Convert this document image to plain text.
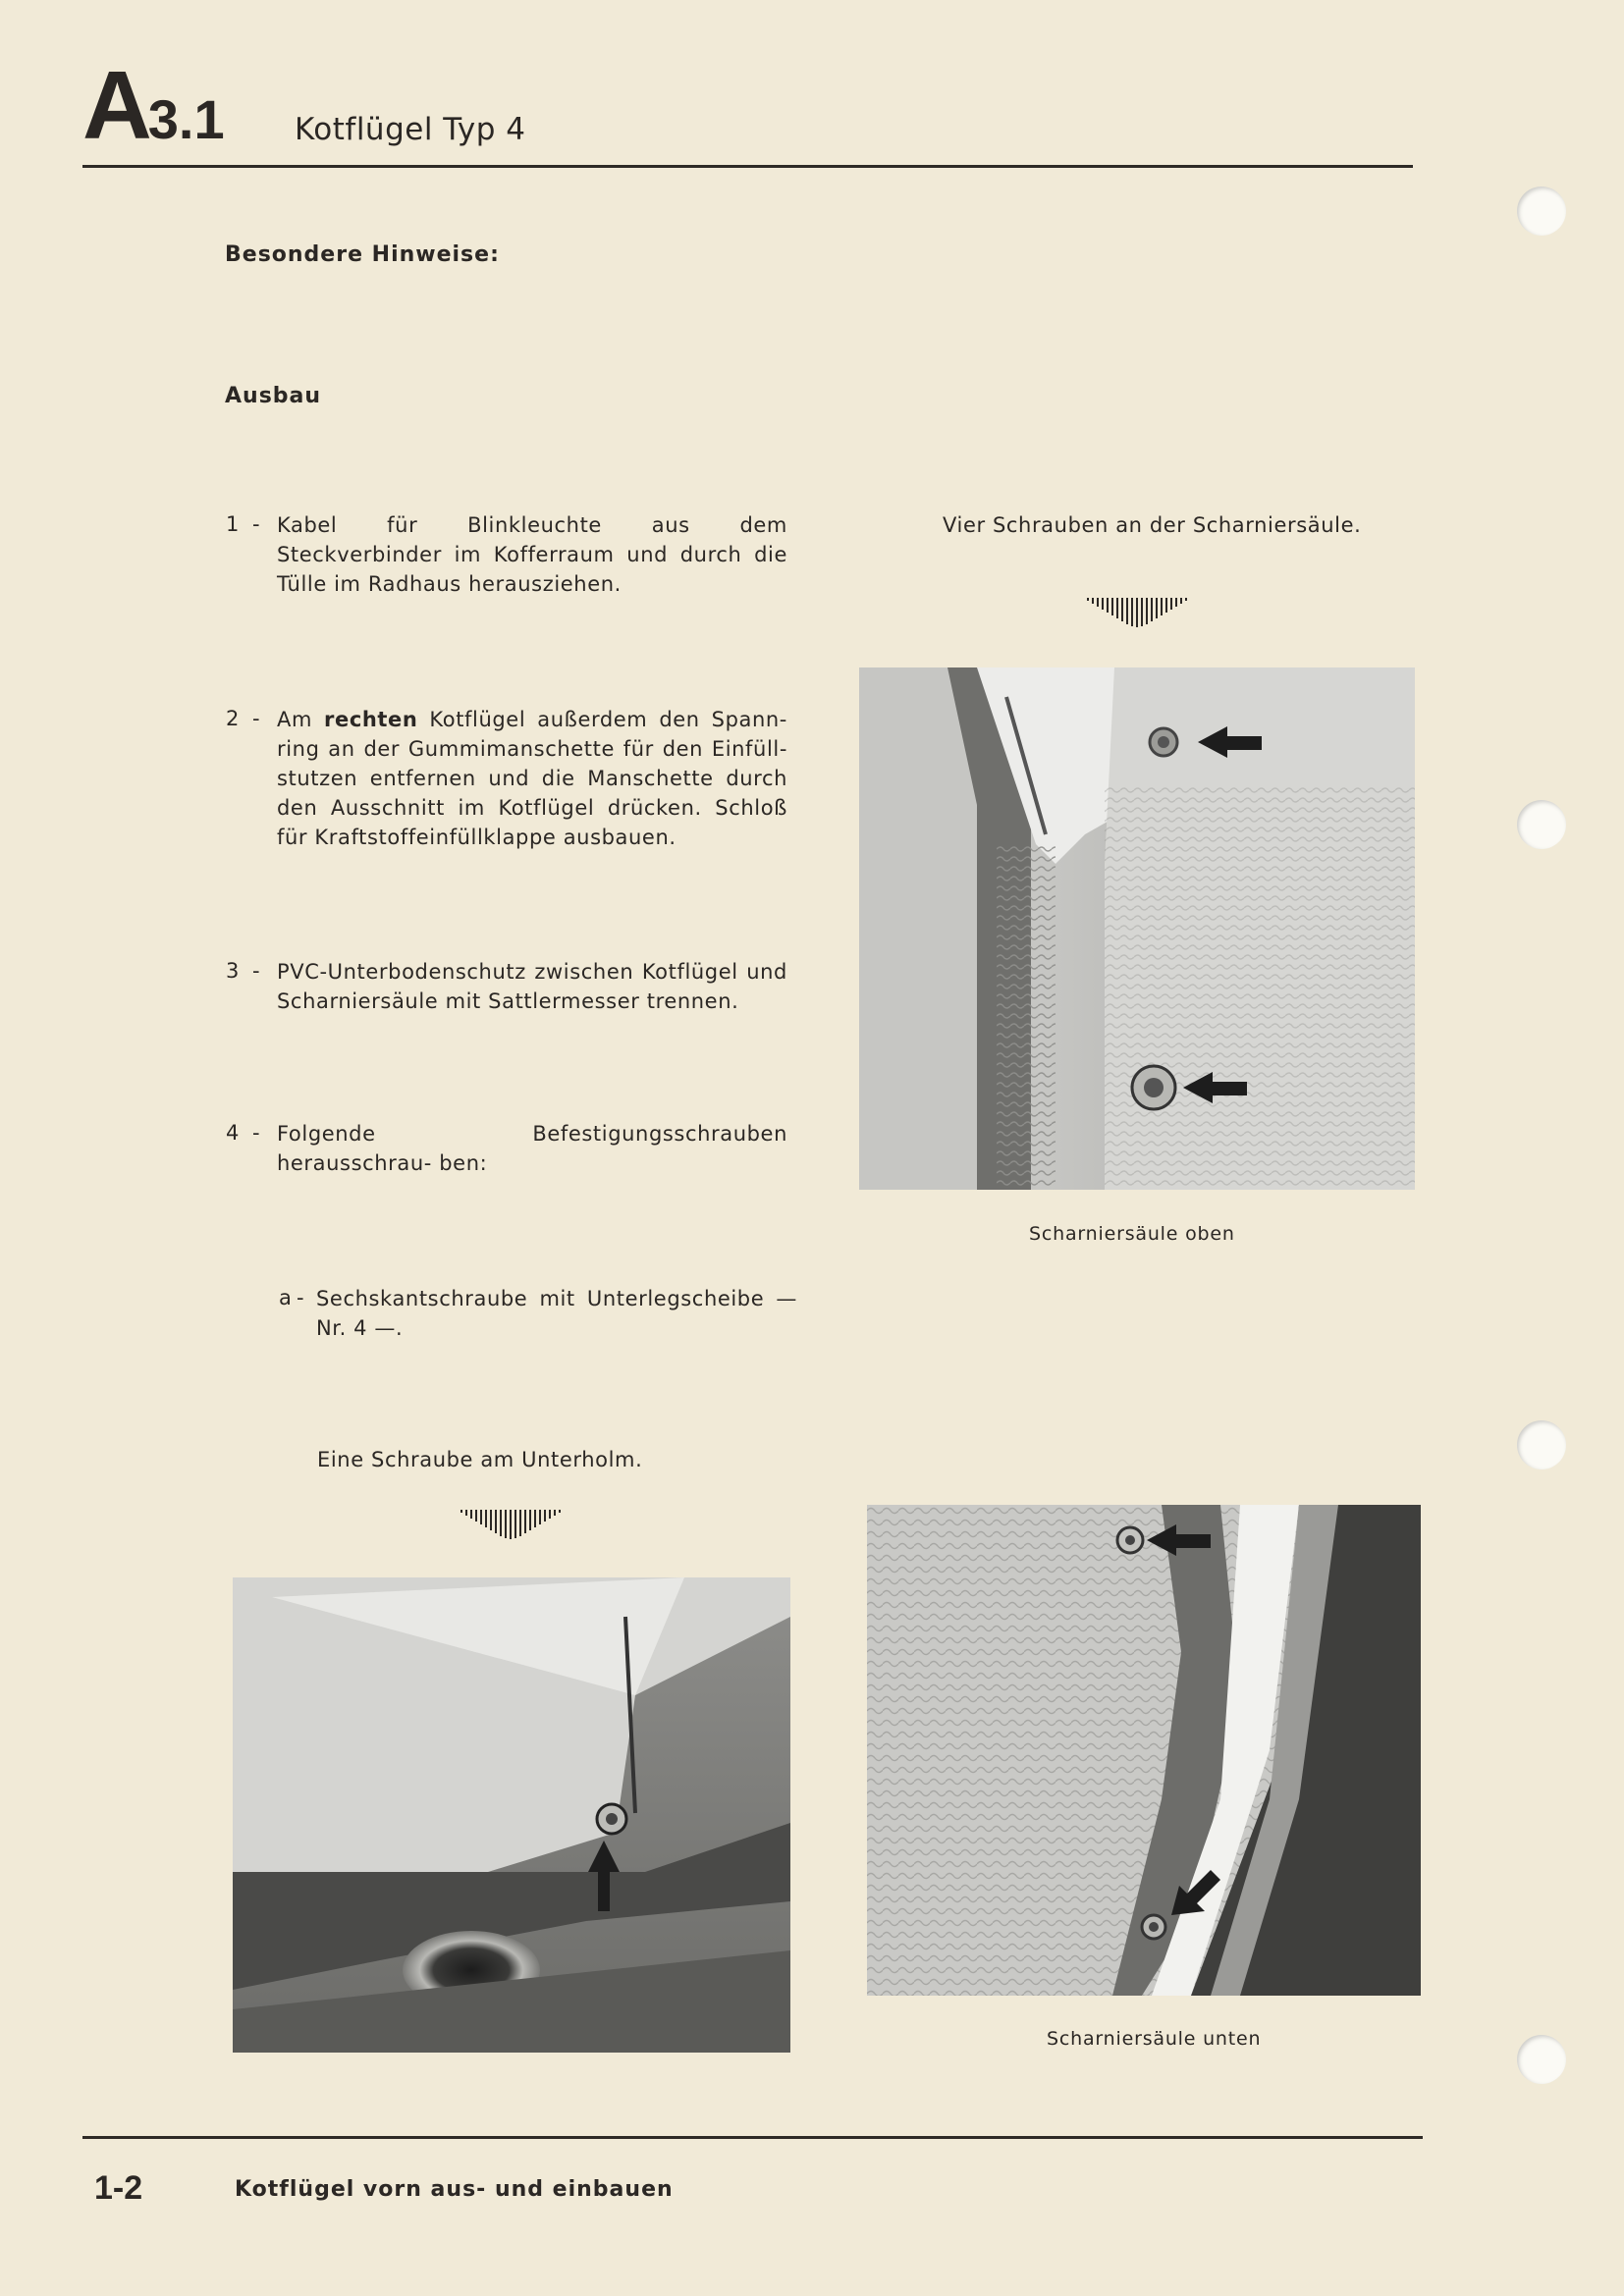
A3.1 Kotflügel Typ 4
Besondere Hinweise:
Ausbau
1 - Kabel für Blinkleuchte aus dem Steckverbinder im Kofferraum und durch die Tülle im Radhaus herausziehen.
2 - Am rechten Kotflügel außerdem den Spann- ring an der Gummimanschette für den Einfüll- stutzen entfernen und die Manschette durch den Ausschnitt im Kotflügel drücken. Schloß für Kraftstoffeinfüllklappe ausbauen.
3 - PVC-Unterbodenschutz zwischen Kotflügel und Scharniersäule mit Sattlermesser trennen.
4 - Folgende Befestigungsschrauben herausschrau- ben:
a - Sechskantschraube mit Unterlegscheibe — Nr. 4 —.
Eine Schraube am Unterholm.
Vier Schrauben an der Scharniersäule.
Scharniersäule oben
Scharniersäule unten
1-2	Kotflügel vorn aus- und einbauen
